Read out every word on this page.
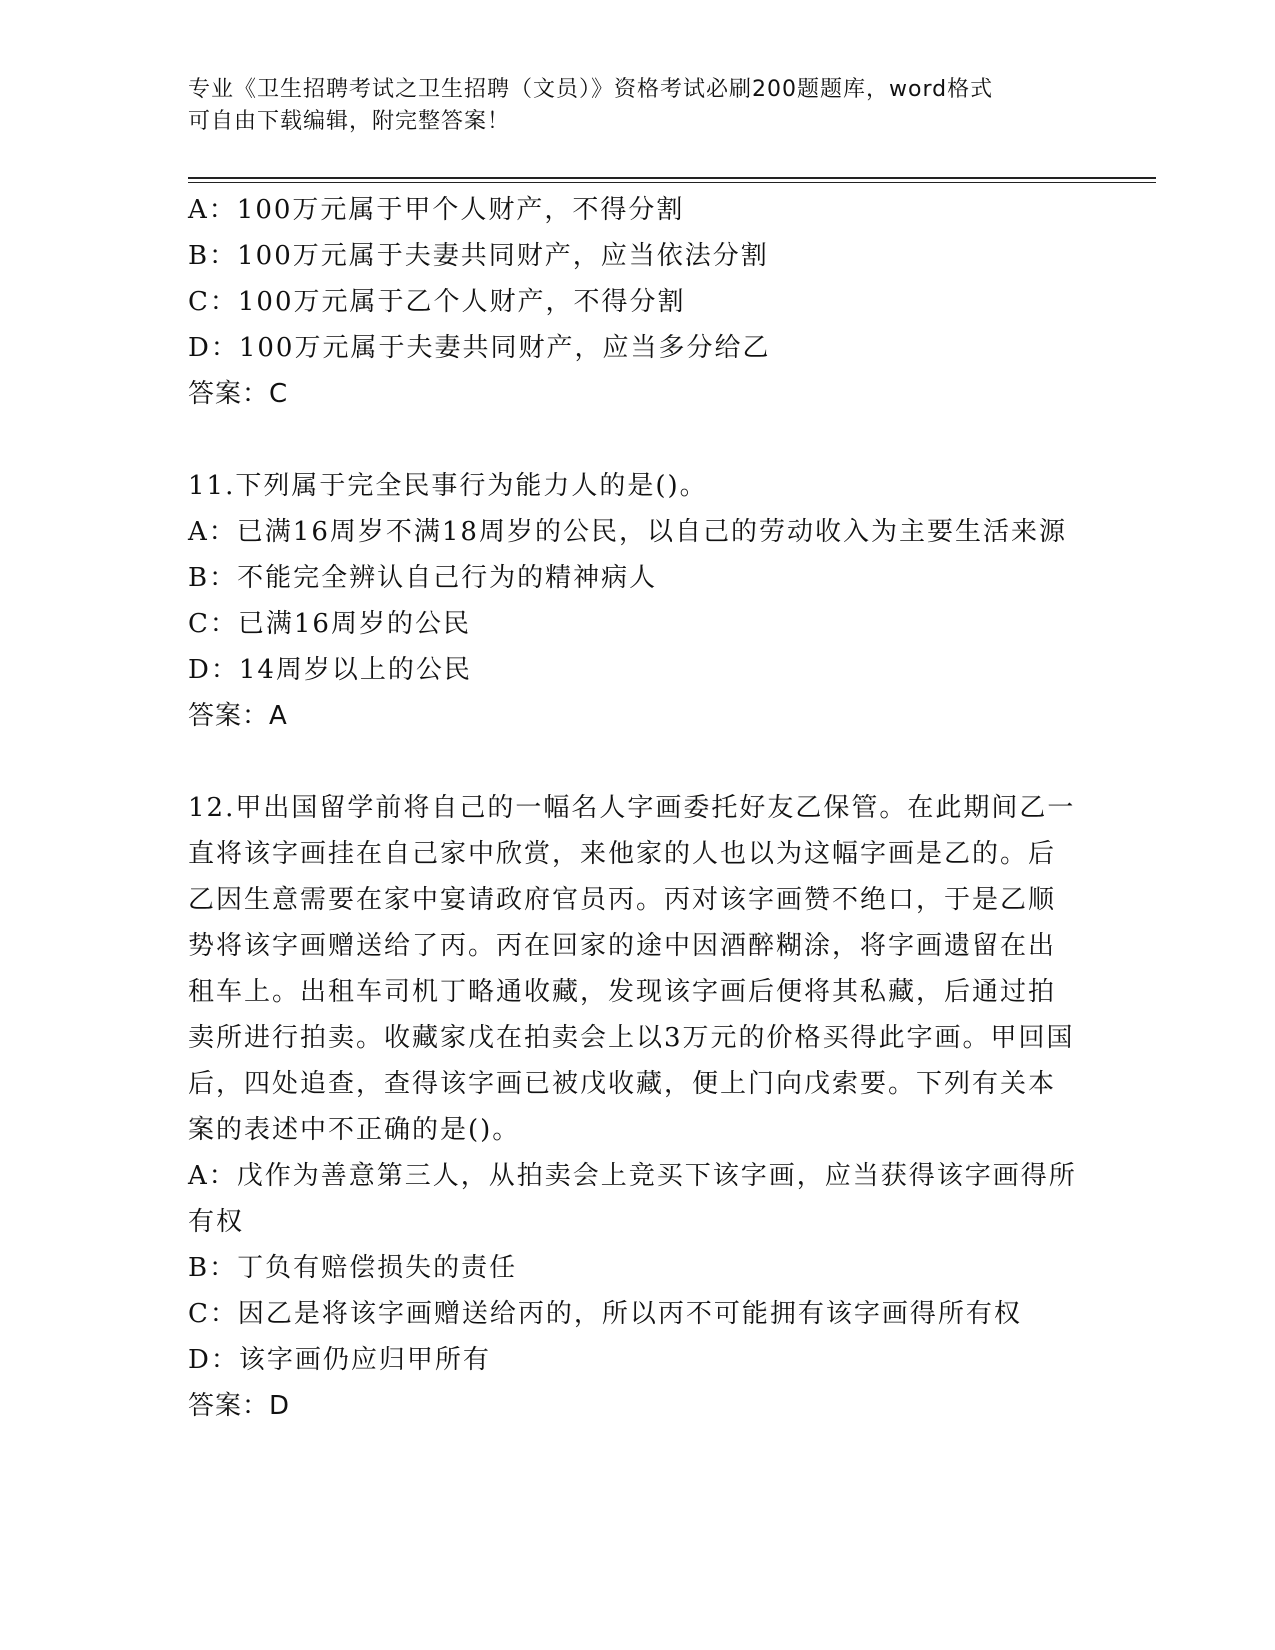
专业《卫生招聘考试之卫生招聘（文员）》资格考试必刷200题题库，word格式
可自由下载编辑，附完整答案！
A：100万元属于甲个人财产，不得分割
B：100万元属于夫妻共同财产，应当依法分割
C：100万元属于乙个人财产，不得分割
D：100万元属于夫妻共同财产，应当多分给乙
答案：C
11.下列属于完全民事行为能力人的是()。
A：已满16周岁不满18周岁的公民，以自己的劳动收入为主要生活来源
B：不能完全辨认自己行为的精神病人
C：已满16周岁的公民
D：14周岁以上的公民
答案：A
12.甲出国留学前将自己的一幅名人字画委托好友乙保管。在此期间乙一直将该字画挂在自己家中欣赏，来他家的人也以为这幅字画是乙的。后乙因生意需要在家中宴请政府官员丙。丙对该字画赞不绝口，于是乙顺势将该字画赠送给了丙。丙在回家的途中因酒醉糊涂，将字画遗留在出租车上。出租车司机丁略通收藏，发现该字画后便将其私藏，后通过拍卖所进行拍卖。收藏家戊在拍卖会上以3万元的价格买得此字画。甲回国后，四处追查，查得该字画已被戊收藏，便上门向戊索要。下列有关本案的表述中不正确的是()。
A：戊作为善意第三人，从拍卖会上竞买下该字画，应当获得该字画得所有权
B：丁负有赔偿损失的责任
C：因乙是将该字画赠送给丙的，所以丙不可能拥有该字画得所有权
D：该字画仍应归甲所有
答案：D
